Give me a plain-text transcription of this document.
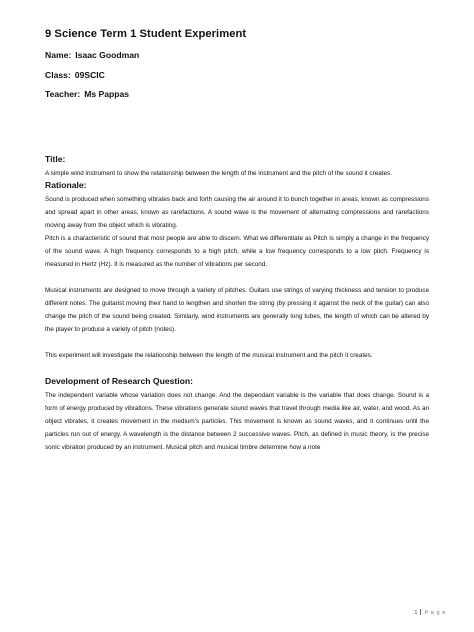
9 Science Term 1 Student Experiment
Name: Isaac Goodman
Class: 09SCIC
Teacher: Ms Pappas
Title:

A simple wind instrument to show the relationship between the length of the instrument and the pitch of the sound it creates.

Rationale:

Sound is produced when something vibrates back and forth causing the air around it to bunch together in areas, known as compressions and spread apart in other areas, known as rarefactions. A sound wave is the movement of alternating compressions and rarefactions moving away from the object which is vibrating.

Pitch is a characteristic of sound that most people are able to discern. What we differentiate as Pitch is simply a change in the frequency of the sound wave. A high frequency corresponds to a high pitch, while a low frequency corresponds to a low pitch. Frequency is measured in Hertz (Hz). It is measured as the number of vibrations per second.

Musical instruments are designed to move through a variety of pitches. Guitars use strings of varying thickness and tension to produce different notes. The guitarist moving their hand to lengthen and shorten the string (by pressing it against the neck of the guitar) can also change the pitch of the sound being created. Similarly, wind instruments are generally long tubes, the length of which can be altered by the player to produce a variety of pitch (notes).

This experiment will investigate the relationship between the length of the musical instrument and the pitch it creates.

Development of Research Question:

The independent variable whose variation does not change. And the dependant variable is the variable that does change. Sound is a form of energy produced by vibrations. These vibrations generate sound waves that travel through media like air, water, and wood. As an object vibrates, it creates movement in the medium's particles. This movement is known as sound waves, and it continues until the particles run out of energy. A wavelength is the distance between 2 successive waves. Pitch, as defined in music theory, is the precise sonic vibration produced by an instrument. Musical pitch and musical timbre determine how a note

1 P a g e
